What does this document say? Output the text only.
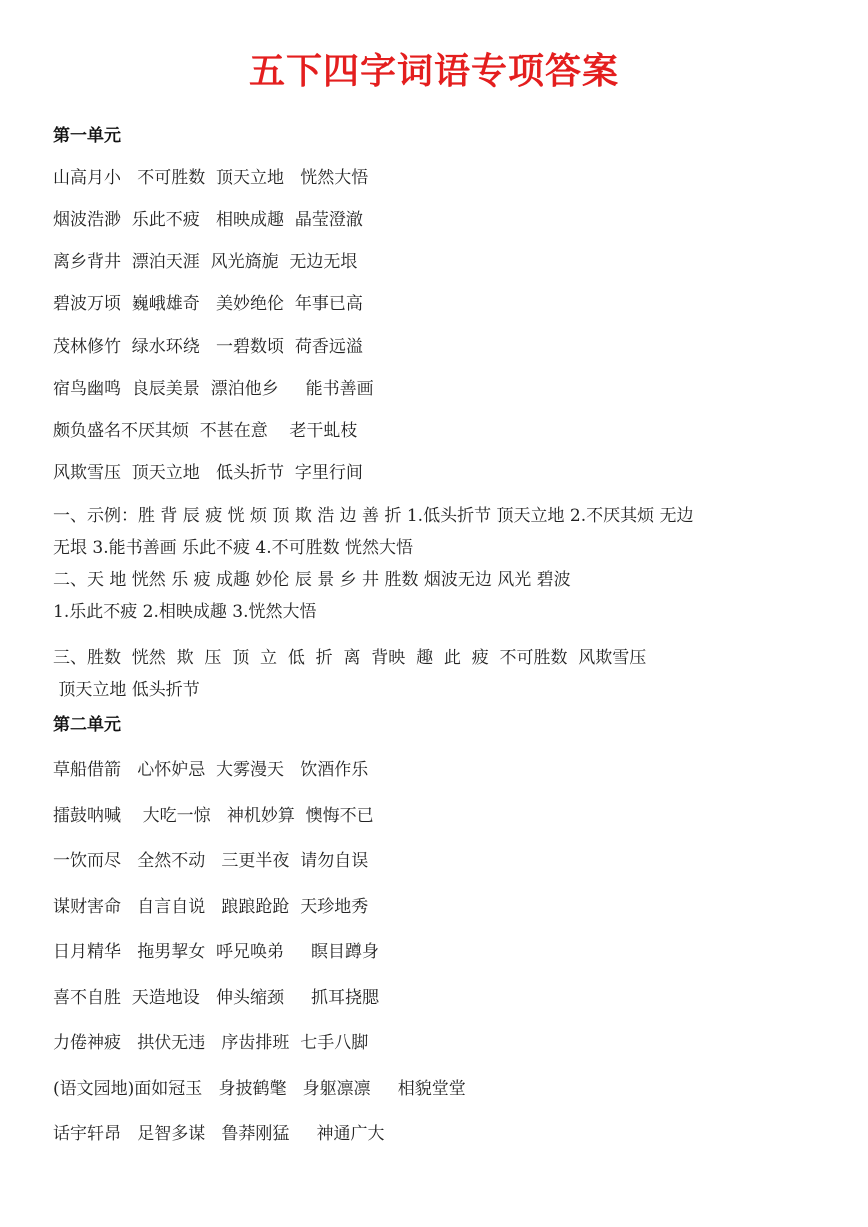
五下四字词语专项答案
第一单元
山高月小   不可胜数  顶天立地   恍然大悟
烟波浩渺  乐此不疲   相映成趣  晶莹澄澈
离乡背井  漂泊天涯  风光旖旎  无边无垠
碧波万顷  巍峨雄奇   美妙绝伦  年事已高
茂林修竹  绿水环绕   一碧数顷  荷香远溢
宿鸟幽鸣  良辰美景  漂泊他乡     能书善画
颇负盛名不厌其烦  不甚在意    老干虬枝
风欺雪压  顶天立地   低头折节  字里行间
一、示例：胜 背 辰 疲 恍 烦 顶 欺 浩 边 善 折 1.低头折节 顶天立地 2.不厌其烦 无边
无垠 3.能书善画 乐此不疲 4.不可胜数 恍然大悟
二、天 地 恍然 乐 疲 成趣 妙伦 辰 景 乡 井 胜数 烟波无边 风光 碧波
1.乐此不疲 2.相映成趣 3.恍然大悟
三、胜数  恍然  欺  压  顶  立  低  折  离  背映  趣  此  疲  不可胜数  风欺雪压
顶天立地 低头折节
第二单元
草船借箭   心怀妒忌  大雾漫天   饮酒作乐
擂鼓呐喊    大吃一惊   神机妙算  懊悔不已
一饮而尽   全然不动   三更半夜  请勿自误
谋财害命   自言自说   踉踉跄跄  天珍地秀
日月精华   拖男挈女  呼兄唤弟     瞑目蹲身
喜不自胜  天造地设   伸头缩颈     抓耳挠腮
力倦神疲   拱伏无违   序齿排班  七手八脚
(语文园地)面如冠玉   身披鹤氅   身躯凛凛     相貌堂堂
话宇轩昂   足智多谋   鲁莽刚猛     神通广大
